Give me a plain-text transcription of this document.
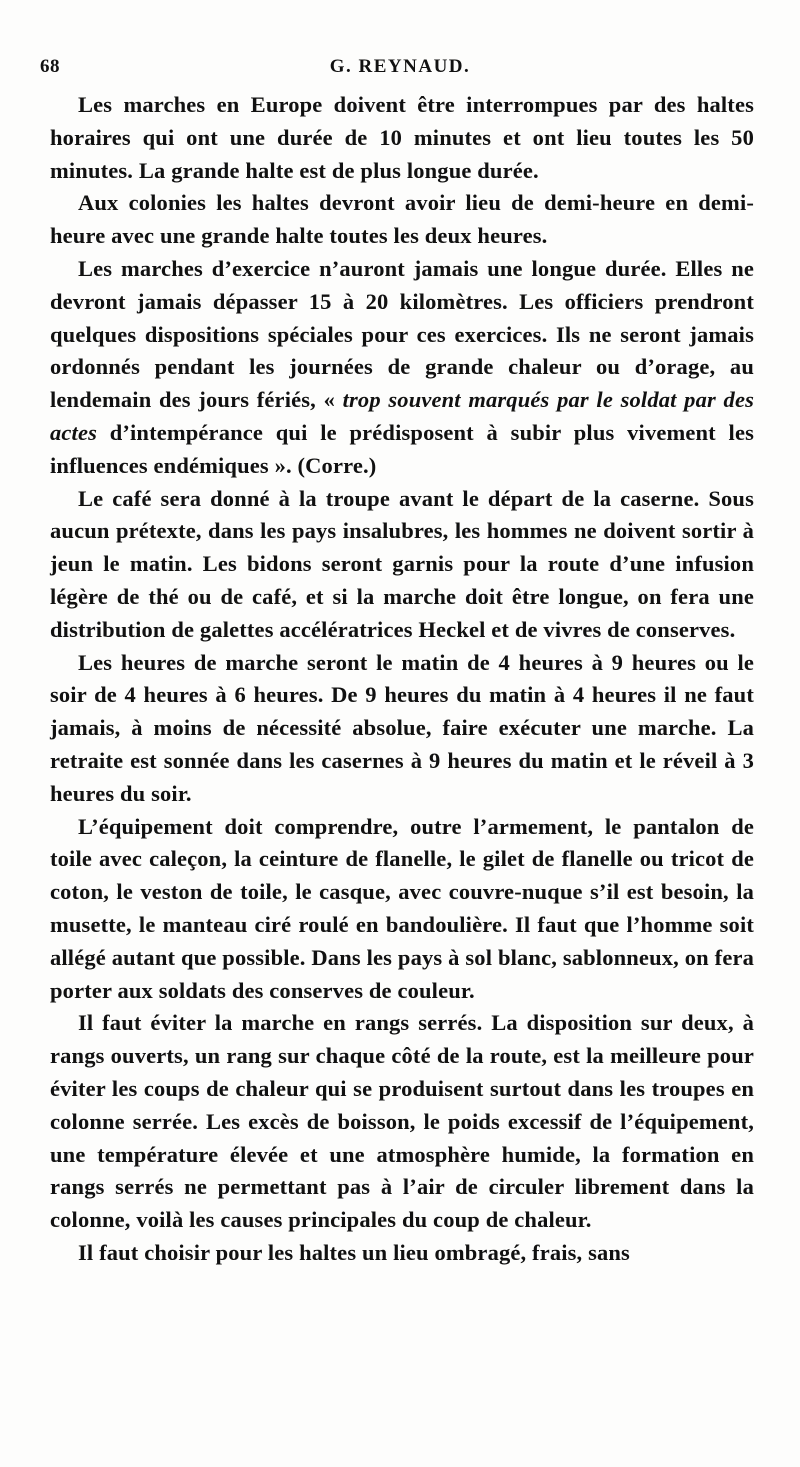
68	G. REYNAUD.

Les marches en Europe doivent être interrompues par des haltes horaires qui ont une durée de 10 minutes et ont lieu toutes les 50 minutes. La grande halte est de plus longue durée.

Aux colonies les haltes devront avoir lieu de demi-heure en demi-heure avec une grande halte toutes les deux heures.

Les marches d’exercice n’auront jamais une longue durée. Elles ne devront jamais dépasser 15 à 20 kilomètres. Les officiers prendront quelques dispositions spéciales pour ces exercices. Ils ne seront jamais ordonnés pendant les journées de grande chaleur ou d’orage, au lendemain des jours fériés, « trop souvent marqués par le soldat par des actes d’intempérance qui le prédisposent à subir plus vivement les influences endémiques ». (Corre.)

Le café sera donné à la troupe avant le départ de la caserne. Sous aucun prétexte, dans les pays insalubres, les hommes ne doivent sortir à jeun le matin. Les bidons seront garnis pour la route d’une infusion légère de thé ou de café, et si la marche doit être longue, on fera une distribution de galettes accélératrices Heckel et de vivres de conserves.

Les heures de marche seront le matin de 4 heures à 9 heures ou le soir de 4 heures à 6 heures. De 9 heures du matin à 4 heures il ne faut jamais, à moins de nécessité absolue, faire exécuter une marche. La retraite est sonnée dans les casernes à 9 heures du matin et le réveil à 3 heures du soir.

L’équipement doit comprendre, outre l’armement, le pantalon de toile avec caleçon, la ceinture de flanelle, le gilet de flanelle ou tricot de coton, le veston de toile, le casque, avec couvre-nuque s’il est besoin, la musette, le manteau ciré roulé en bandoulière. Il faut que l’homme soit allégé autant que possible. Dans les pays à sol blanc, sablonneux, on fera porter aux soldats des conserves de couleur.

Il faut éviter la marche en rangs serrés. La disposition sur deux, à rangs ouverts, un rang sur chaque côté de la route, est la meilleure pour éviter les coups de chaleur qui se produisent surtout dans les troupes en colonne serrée. Les excès de boisson, le poids excessif de l’équipement, une température élevée et une atmosphère humide, la formation en rangs serrés ne permettant pas à l’air de circuler librement dans la colonne, voilà les causes principales du coup de chaleur.

Il faut choisir pour les haltes un lieu ombragé, frais, sans
